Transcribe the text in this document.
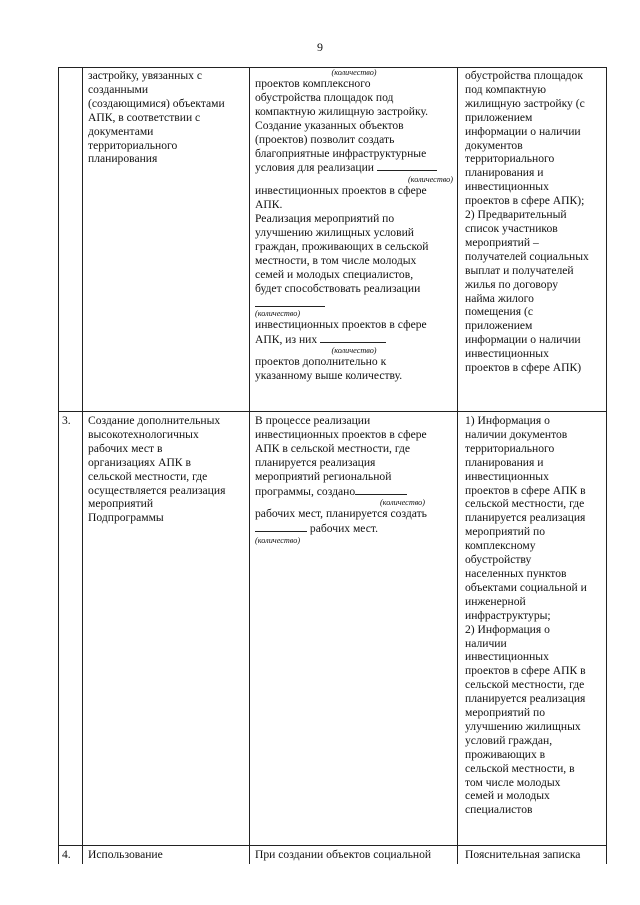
9
застройку, увязанных с
созданными
(создающимися) объектами
АПК, в соответствии с
документами
территориального
планирования
(количество)
проектов комплексного
обустройства площадок под
компактную жилищную застройку.
Создание указанных объектов
(проектов) позволит создать
благоприятные инфраструктурные
условия для реализации
(количество)
инвестиционных проектов в сфере
АПК.
Реализация мероприятий по
улучшению жилищных условий
граждан, проживающих в сельской
местности, в том числе молодых
семей и молодых специалистов,
будет способствовать реализации
(количество)
инвестиционных проектов в сфере
АПК, из них
(количество)
проектов дополнительно к
указанному выше количеству.
обустройства площадок
под компактную
жилищную застройку (с
приложением
информации о наличии
документов
территориального
планирования и
инвестиционных
проектов в сфере АПК);
2) Предварительный
список участников
мероприятий –
получателей социальных
выплат и получателей
жилья по договору
найма жилого
помещения (с
приложением
информации о наличии
инвестиционных
проектов в сфере АПК)
3. Создание дополнительных
высокотехнологичных
рабочих мест в
организациях АПК в
сельской местности, где
осуществляется реализация
мероприятий
Подпрограммы
В процессе реализации
инвестиционных проектов в сфере
АПК в сельской местности, где
планируется реализация
мероприятий региональной
программы, создано
(количество)
рабочих мест, планируется создать
рабочих мест.
(количество)
1) Информация о
наличии документов
территориального
планирования и
инвестиционных
проектов в сфере АПК в
сельской местности, где
планируется реализация
мероприятий по
комплексному
обустройству
населенных пунктов
объектами социальной и
инженерной
инфраструктуры;
2) Информация о
наличии
инвестиционных
проектов в сфере АПК в
сельской местности, где
планируется реализация
мероприятий по
улучшению жилищных
условий граждан,
проживающих в
сельской местности, в
том числе молодых
семей и молодых
специалистов
4. Использование	При создании объектов социальной	Пояснительная записка
